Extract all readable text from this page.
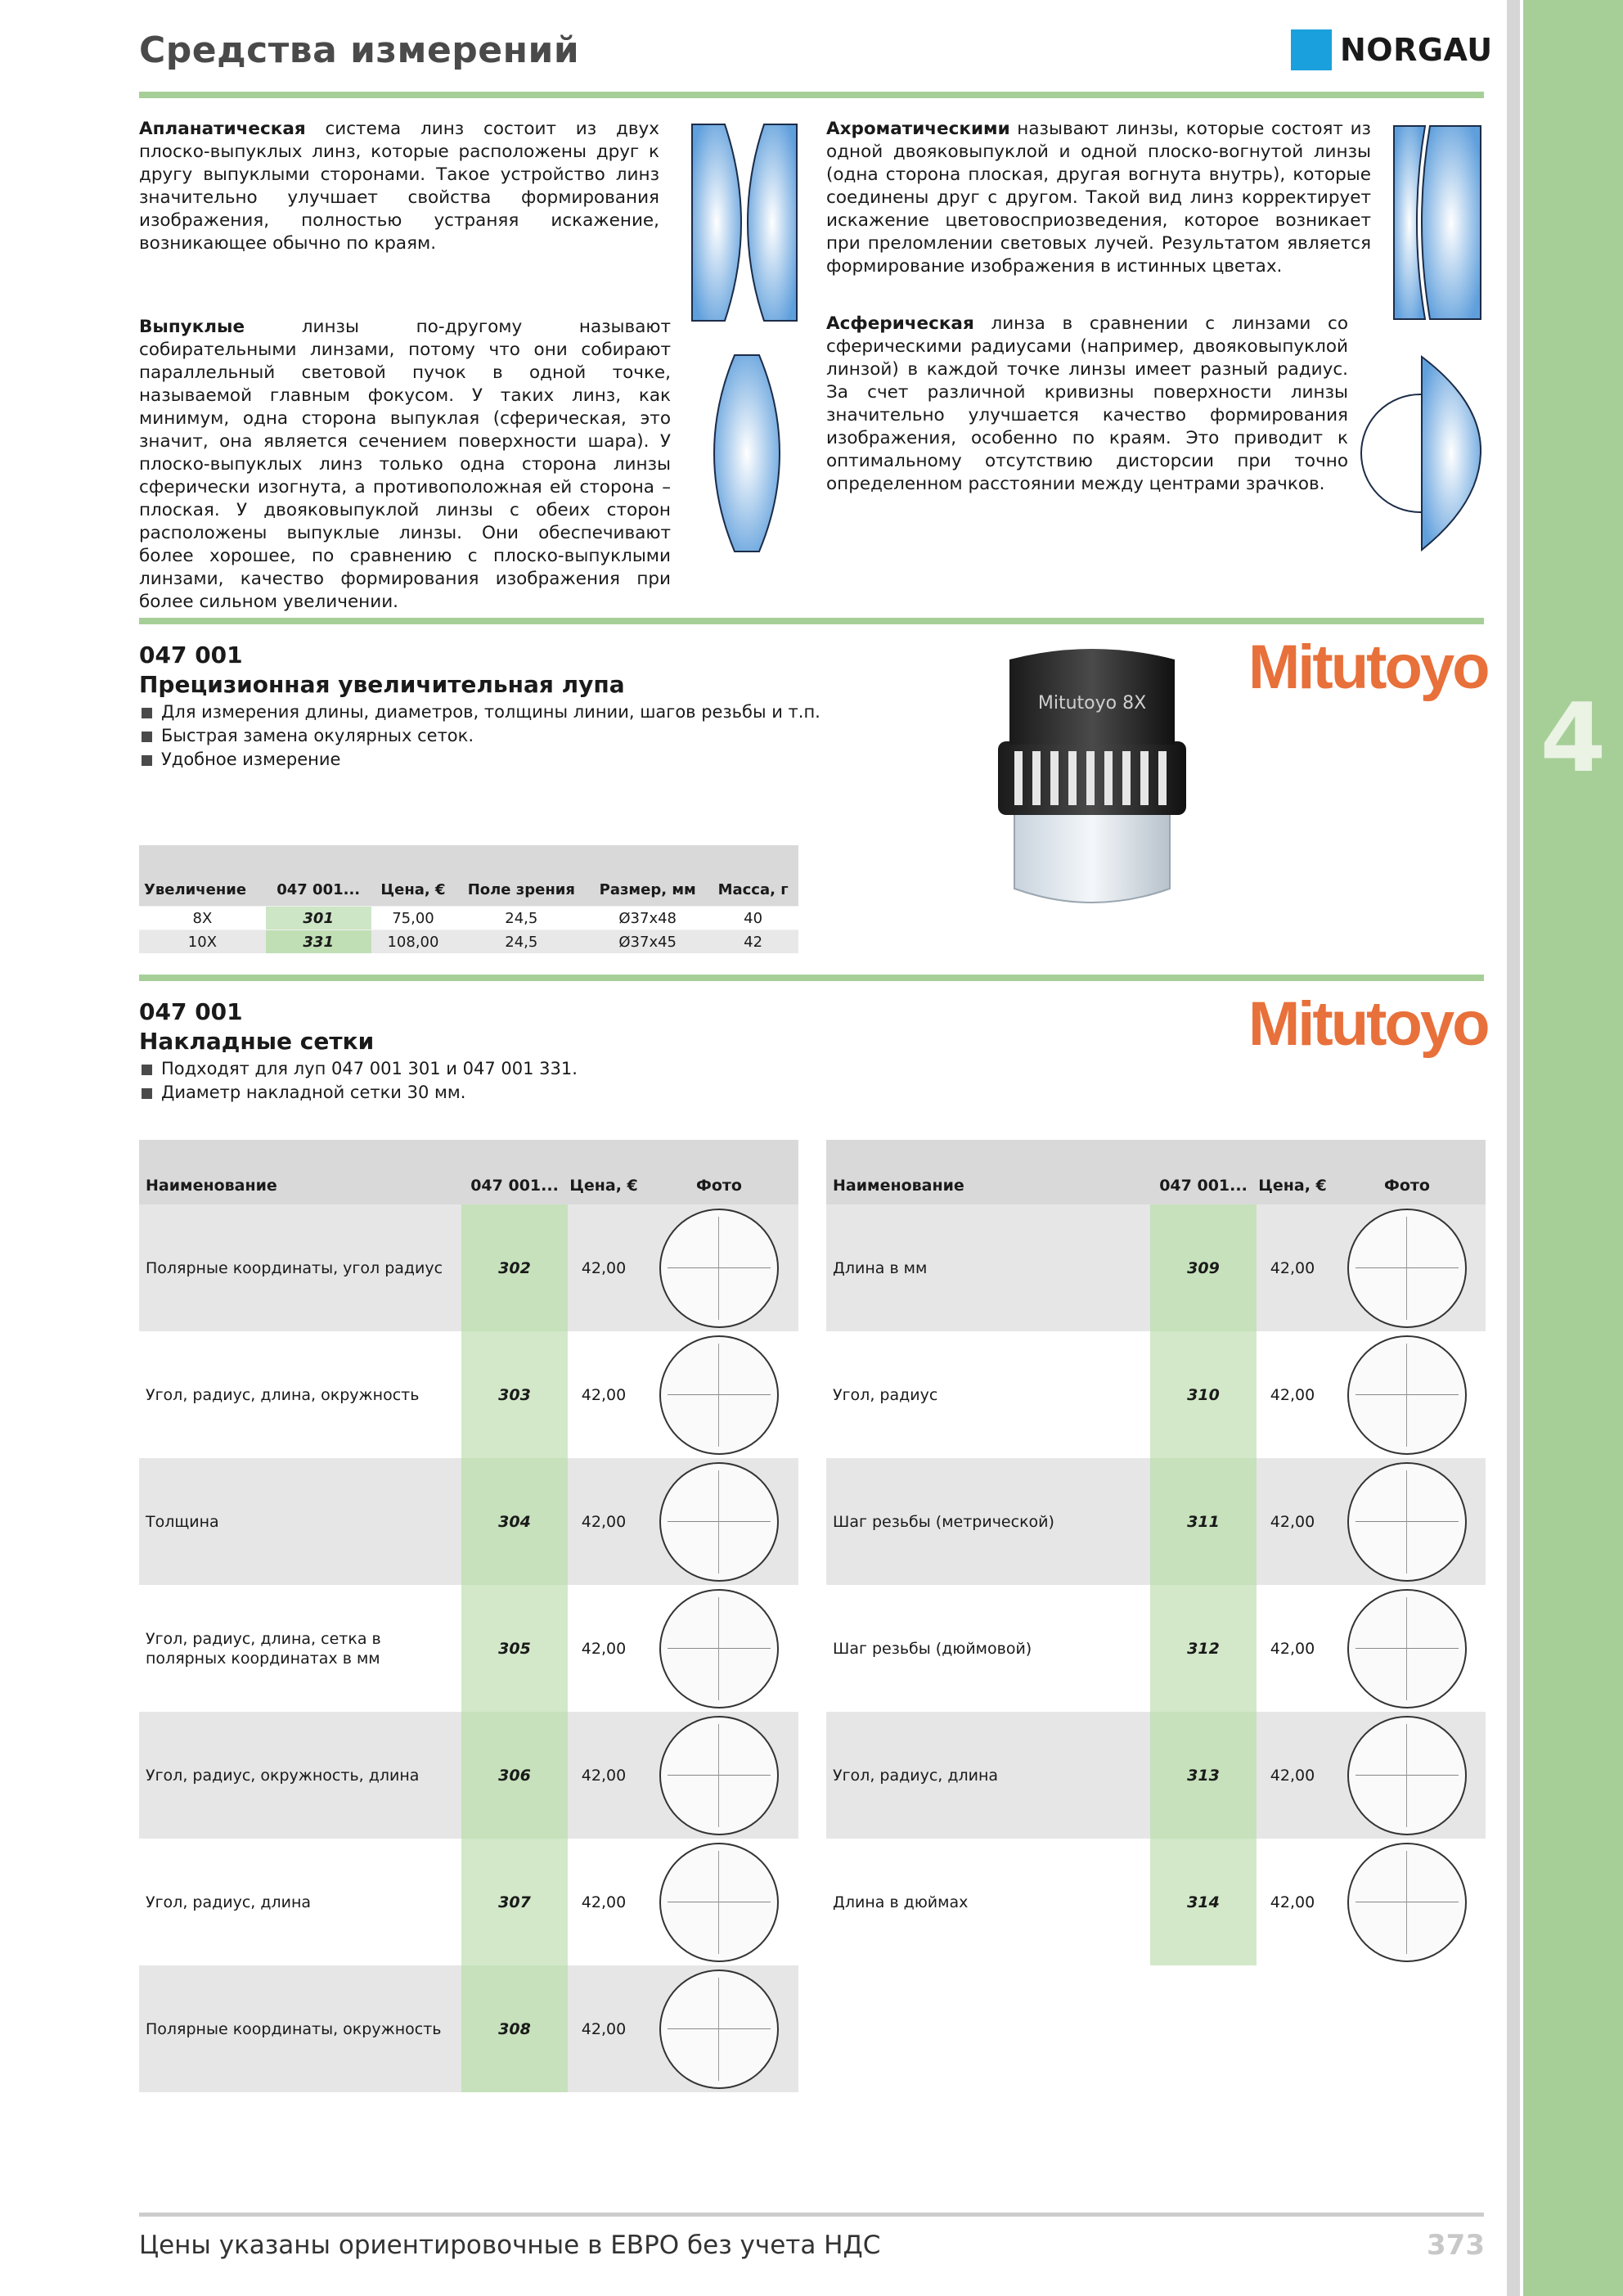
4
Средства измерений	NORGAU
Апланатическая система линз состоит из двух плоско-выпуклых линз, которые расположены друг к другу выпуклыми сторонами. Такое устройство линз значительно улучшает свойства формирования изображения, полностью устраняя искажение, возникающее обычно по краям.
Выпуклые линзы по-другому называют собирательными линзами, потому что они собирают параллельный световой пучок в одной точке, называемой главным фокусом. У таких линз, как минимум, одна сторона выпуклая (сферическая, это значит, она является сечением поверхности шара). У плоско-выпуклых линз только одна сторона линзы сферически изогнута, а противоположная ей сторона – плоская. У двояковыпуклой линзы с обеих сторон расположены выпуклые линзы. Они обеспечивают более хорошее, по сравнению с плоско-выпуклыми линзами, качество формирования изображения при более сильном увеличении.
Ахроматическими называют линзы, которые состоят из одной двояковыпуклой и одной плоско-вогнутой линзы (одна сторона плоская, другая вогнута внутрь), которые соединены друг с другом. Такой вид линз корректирует искажение цветовосприозведения, которое возникает при преломлении световых лучей. Результатом является формирование изображения в истинных цветах.
Асферическая линза в сравнении с линзами со сферическими радиусами (например, двояковыпуклой линзой) в каждой точке линзы имеет разный радиус. За счет различной кривизны поверхности линзы значительно улучшается качество формирования изображения, особенно по краям. Это приводит к оптимальному отсутствию дисторсии при точно определенном расстоянии между центрами зрачков.
047 001
Прецизионная увеличительная лупа
Для измерения длины, диаметров, толщины линии, шагов резьбы и т.п.
Быстрая замена окулярных сеток.
Удобное измерение
Mitutoyo
Mitutoyo 8X
Увеличение	047 001...	Цена, €	Поле зрения	Размер, мм	Масса, г
8X	301	75,00	24,5	Ø37x48	40
10X	331	108,00	24,5	Ø37x45	42
047 001
Накладные сетки
Подходят для луп 047 001 301 и 047 001 331.
Диаметр накладной сетки 30 мм.
Mitutoyo
Наименование	047 001...	Цена, €	Фото
Полярные координаты, угол радиус	302	42,00	
Угол, радиус, длина, окружность	303	42,00	
Толщина	304	42,00	
Угол, радиус, длина, сетка в полярных координатах в мм	305	42,00	
Угол, радиус, окружность, длина	306	42,00	
Угол, радиус, длина	307	42,00	
Полярные координаты, окружность	308	42,00	
Наименование	047 001...	Цена, €	Фото
Длина в мм	309	42,00	
Угол, радиус	310	42,00	
Шаг резьбы (метрической)	311	42,00	
Шаг резьбы (дюймовой)	312	42,00	
Угол, радиус, длина	313	42,00	
Длина в дюймах	314	42,00	
Цены указаны ориентировочные в ЕВРО без учета НДС	373
